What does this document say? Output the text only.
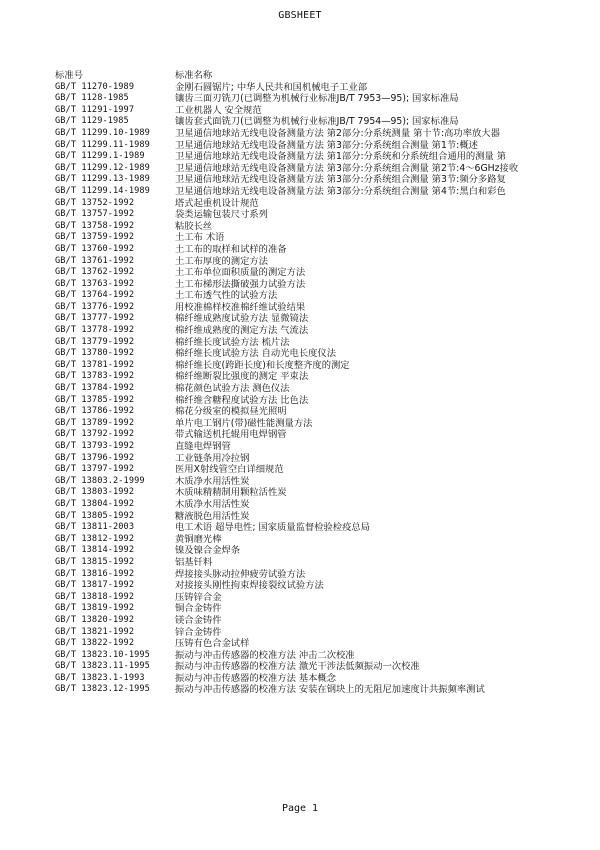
GBSHEET
标准号	标准名称
GB/T 11270-1989	金刚石圆锯片; 中华人民共和国机械电子工业部
GB/T 1128-1985	镶齿三面刃铣刀(已调整为机械行业标准JB/T 7953—95); 国家标准局
GB/T 11291-1997	工业机器人 安全规范
GB/T 1129-1985	镶齿套式面铣刀(已调整为机械行业标准JB/T 7954—95); 国家标准局
GB/T 11299.10-1989	卫星通信地球站无线电设备测量方法 第2部分:分系统测量 第十节:高功率放大器
GB/T 11299.11-1989	卫星通信地球站无线电设备测量方法 第3部分:分系统组合测量 第1节:概述
GB/T 11299.1-1989	卫星通信地球站无线电设备测量方法 第1部分:分系统和分系统组合通用的测量 第
GB/T 11299.12-1989	卫星通信地球站无线电设备测量方法 第3部分:分系统组合测量 第2节:4～6GHz接收
GB/T 11299.13-1989	卫星通信地球站无线电设备测量方法 第3部分:分系统组合测量 第3节:频分多路复
GB/T 11299.14-1989	卫星通信地球站无线电设备测量方法 第3部分:分系统组合测量 第4节:黑白和彩色
GB/T 13752-1992	塔式起重机设计规范
GB/T 13757-1992	袋类运输包装尺寸系列
GB/T 13758-1992	粘胶长丝
GB/T 13759-1992	土工布 术语
GB/T 13760-1992	土工布的取样和试样的准备
GB/T 13761-1992	土工布厚度的测定方法
GB/T 13762-1992	土工布单位面积质量的测定方法
GB/T 13763-1992	土工布梯形法撕破强力试验方法
GB/T 13764-1992	土工布透气性的试验方法
GB/T 13776-1992	用校准棉样校准棉纤维试验结果
GB/T 13777-1992	棉纤维成熟度试验方法 显微镜法
GB/T 13778-1992	棉纤维成熟度的测定方法 气流法
GB/T 13779-1992	棉纤维长度试验方法 梳片法
GB/T 13780-1992	棉纤维长度试验方法 自动光电长度仪法
GB/T 13781-1992	棉纤维长度(跨距长度)和长度整齐度的测定
GB/T 13783-1992	棉纤维断裂比强度的测定 平束法
GB/T 13784-1992	棉花颜色试验方法 测色仪法
GB/T 13785-1992	棉纤维含糖程度试验方法 比色法
GB/T 13786-1992	棉花分级室的模拟昼光照明
GB/T 13789-1992	单片电工钢片(带)磁性能测量方法
GB/T 13792-1992	带式输送机托辊用电焊钢管
GB/T 13793-1992	直缝电焊钢管
GB/T 13796-1992	工业链条用冷拉钢
GB/T 13797-1992	医用X射线管空白详细规范
GB/T 13803.2-1999	木质净水用活性炭
GB/T 13803-1992	木质味精精制用颗粒活性炭
GB/T 13804-1992	木质净水用活性炭
GB/T 13805-1992	糖液脱色用活性炭
GB/T 13811-2003	电工术语 超导电性; 国家质量监督检验检疫总局
GB/T 13812-1992	黄铜磨光棒
GB/T 13814-1992	镍及镍合金焊条
GB/T 13815-1992	铝基钎料
GB/T 13816-1992	焊接接头脉动拉伸疲劳试验方法
GB/T 13817-1992	对接接头刚性拘束焊接裂纹试验方法
GB/T 13818-1992	压铸锌合金
GB/T 13819-1992	铜合金铸件
GB/T 13820-1992	镁合金铸件
GB/T 13821-1992	锌合金铸件
GB/T 13822-1992	压铸有色合金试样
GB/T 13823.10-1995	振动与冲击传感器的校准方法 冲击二次校准
GB/T 13823.11-1995	振动与冲击传感器的校准方法 激光干涉法低频振动一次校准
GB/T 13823.1-1993	振动与冲击传感器的校准方法 基本概念
GB/T 13823.12-1995	振动与冲击传感器的校准方法 安装在钢块上的无阻尼加速度计共振频率测试
Page 1
